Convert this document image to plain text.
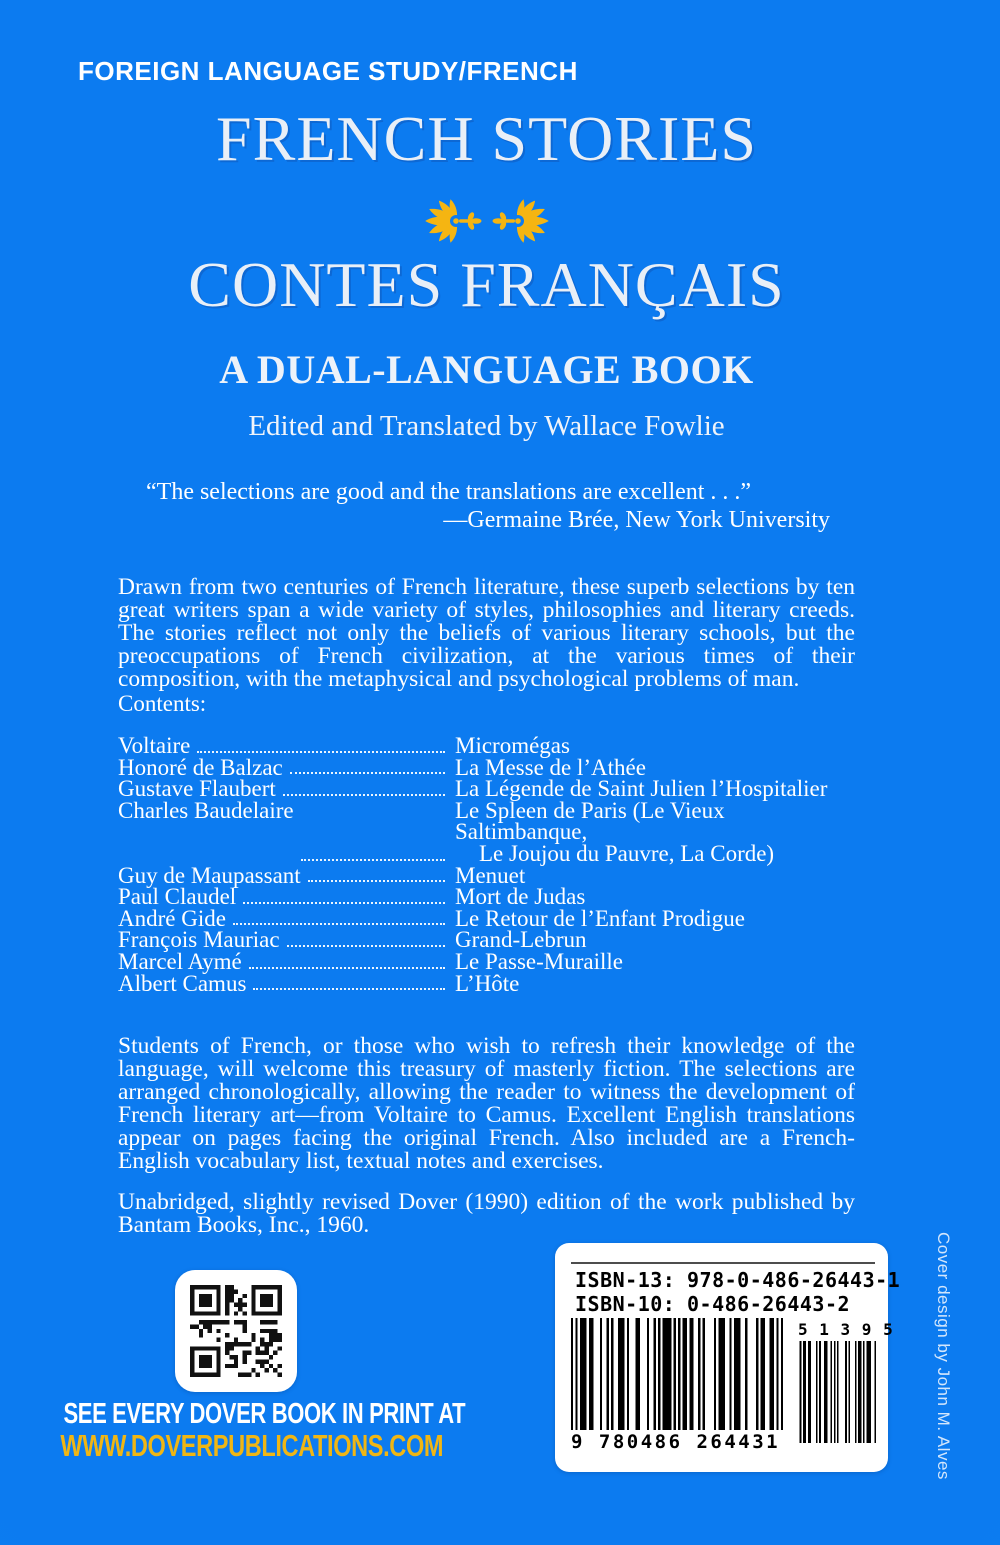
FOREIGN LANGUAGE STUDY/FRENCH
FRENCH STORIES
CONTES FRANÇAIS
A DUAL-LANGUAGE BOOK
Edited and Translated by Wallace Fowlie
“The selections are good and the translations are excellent . . .”
—Germaine Brée, New York University

Drawn from two centuries of French literature, these superb selections by ten great writers span a wide variety of styles, philosophies and literary creeds. The stories reflect not only the beliefs of various literary schools, but the preoccupations of French civilization, at the various times of their composition, with the metaphysical and psychological problems of man.

Contents:
Voltaire	Micromégas
Honoré de Balzac	La Messe de l’Athée
Gustave Flaubert	La Légende de Saint Julien l’Hospitalier
Charles Baudelaire	Le Spleen de Paris (Le Vieux Saltimbanque,
Le Joujou du Pauvre, La Corde)
Guy de Maupassant	Menuet
Paul Claudel	Mort de Judas
André Gide	Le Retour de l’Enfant Prodigue
François Mauriac	Grand-Lebrun
Marcel Aymé	Le Passe-Muraille
Albert Camus	L’Hôte

Students of French, or those who wish to refresh their knowledge of the language, will welcome this treasury of masterly fiction. The selections are arranged chronologically, allowing the reader to witness the development of French literary art—from Voltaire to Camus. Excellent English translations appear on pages facing the original French. Also included are a French-English vocabulary list, textual notes and exercises.

Unabridged, slightly revised Dover (1990) edition of the work published by Bantam Books, Inc., 1960.

SEE EVERY DOVER BOOK IN PRINT AT
WWW.DOVERPUBLICATIONS.COM
ISBN-13: 978-0-486-26443-1
ISBN-10: 0-486-26443-2
9 780486 264431
5 1 3 9 5 Cover design by John M. Alves
